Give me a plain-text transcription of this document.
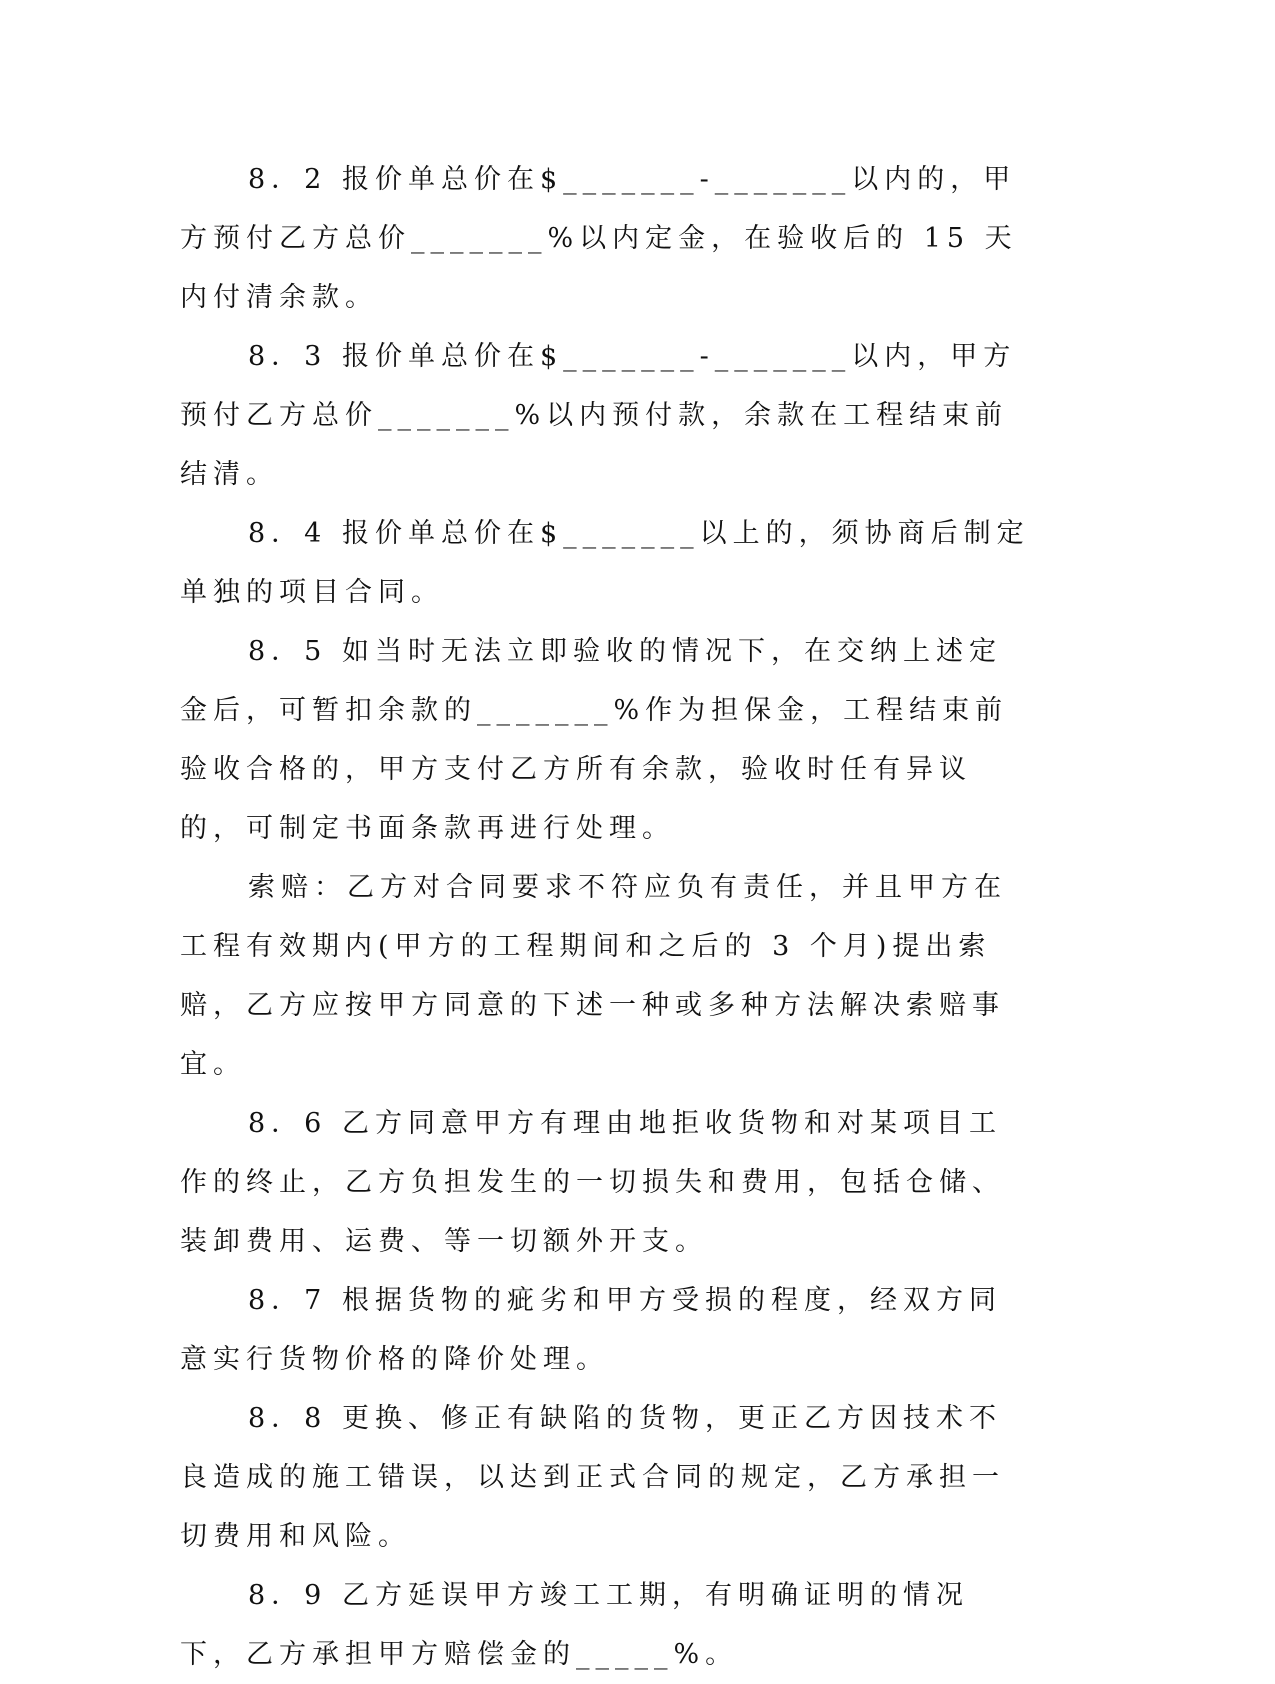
8．2 报价单总价在$_______-_______以内的，甲方预付乙方总价_______%以内定金，在验收后的 15 天内付清余款。

8．3 报价单总价在$_______-_______以内，甲方预付乙方总价_______%以内预付款，余款在工程结束前结清。

8．4 报价单总价在$_______以上的，须协商后制定单独的项目合同。

8．5 如当时无法立即验收的情况下，在交纳上述定金后，可暂扣余款的_______%作为担保金，工程结束前验收合格的，甲方支付乙方所有余款，验收时任有异议的，可制定书面条款再进行处理。

索赔：乙方对合同要求不符应负有责任，并且甲方在工程有效期内(甲方的工程期间和之后的 3 个月)提出索赔，乙方应按甲方同意的下述一种或多种方法解决索赔事宜。

8．6 乙方同意甲方有理由地拒收货物和对某项目工作的终止，乙方负担发生的一切损失和费用，包括仓储、装卸费用、运费、等一切额外开支。

8．7 根据货物的疵劣和甲方受损的程度，经双方同意实行货物价格的降价处理。

8．8 更换、修正有缺陷的货物，更正乙方因技术不良造成的施工错误，以达到正式合同的规定，乙方承担一切费用和风险。

8．9 乙方延误甲方竣工工期，有明确证明的情况下，乙方承担甲方赔偿金的_____%。
